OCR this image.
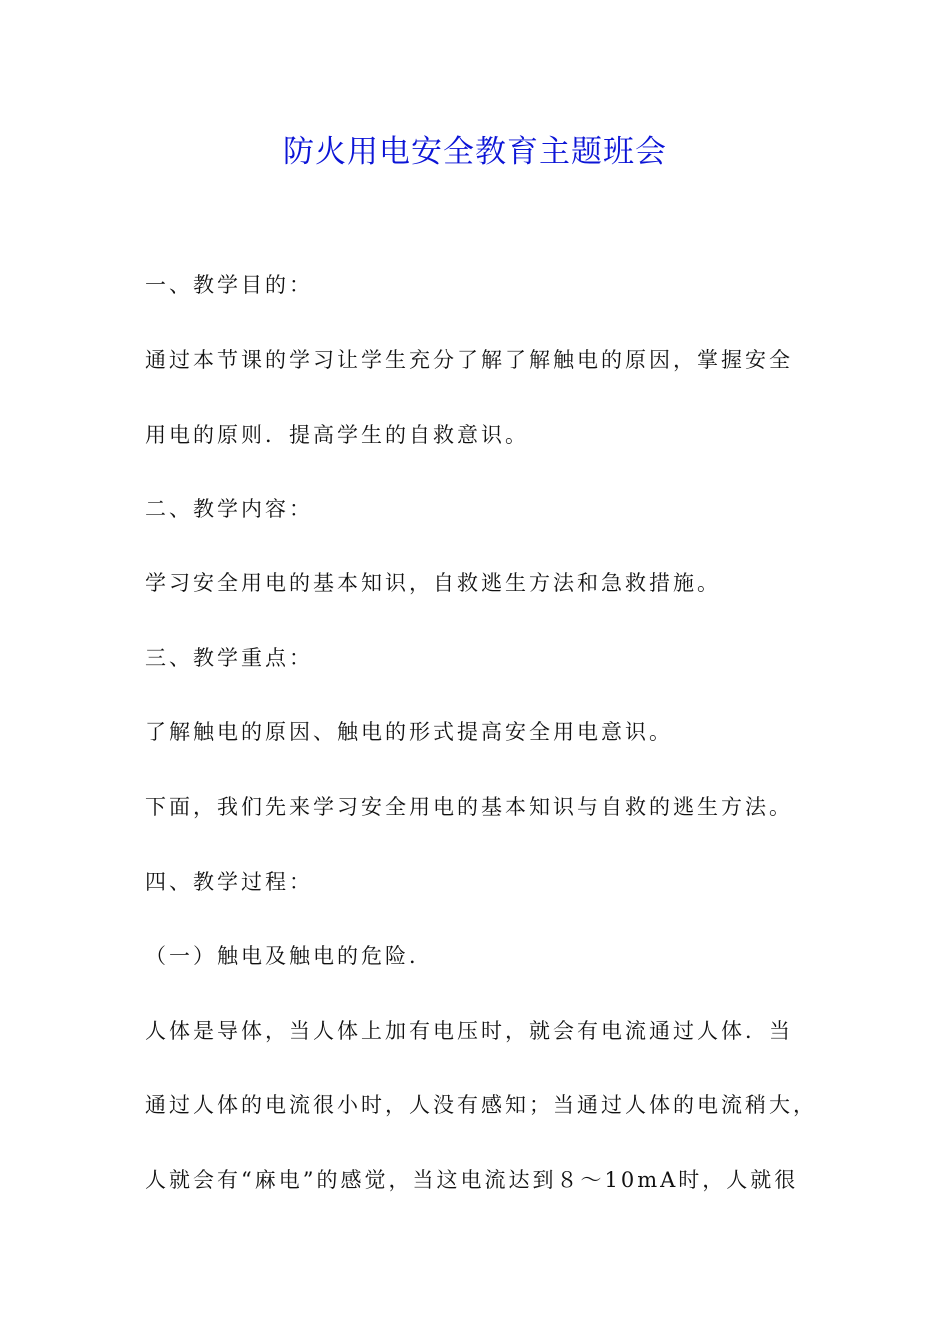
防火用电安全教育主题班会
一、教学目的：
通过本节课的学习让学生充分了解了解触电的原因，掌握安全
用电的原则．提高学生的自救意识。
二、教学内容：
学习安全用电的基本知识，自救逃生方法和急救措施。
三、教学重点：
了解触电的原因、触电的形式提高安全用电意识。
下面，我们先来学习安全用电的基本知识与自救的逃生方法。
四、教学过程：
（一）触电及触电的危险．
人体是导体，当人体上加有电压时，就会有电流通过人体．当
通过人体的电流很小时，人没有感知；当通过人体的电流稍大，
人就会有“麻电”的感觉，当这电流达到８～10mA时，人就很
